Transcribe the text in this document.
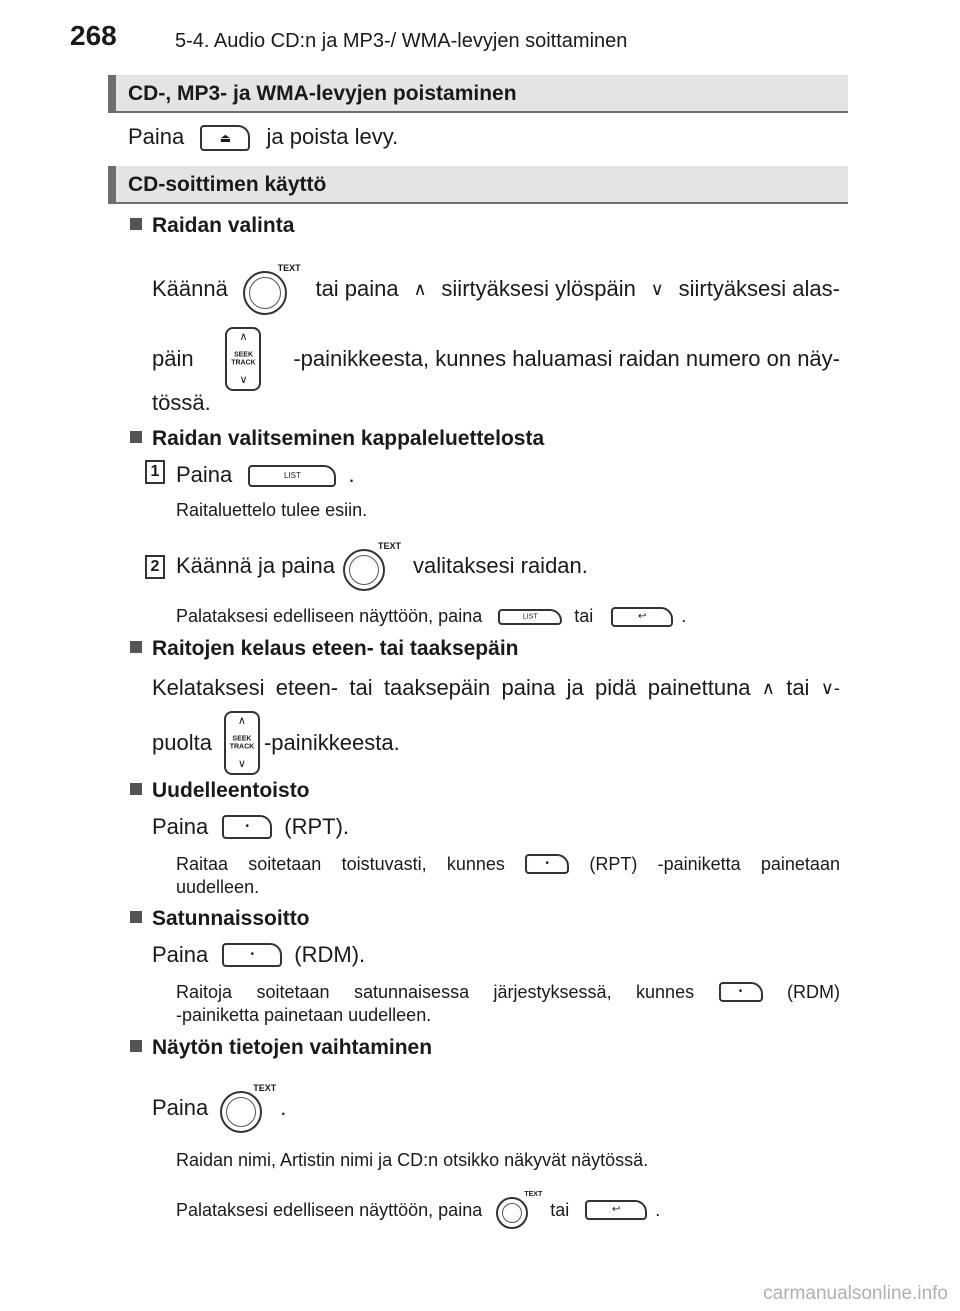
268	5-4. Audio CD:n ja MP3-/ WMA-levyjen soittaminen
CD-, MP3- ja WMA-levyjen poistaminen
Paina	⏏	ja poista levy.
CD-soittimen käyttö
Raidan valinta
Käännä
TEXT
tai paina ∧ siirtyäksesi ylöspäin ∨ siirtyäksesi alas-
päin
∧
SEEK
TRACK
∨
-painikkeesta, kunnes haluamasi raidan numero on näy-
tössä.
Raidan valitseminen kappaleluettelosta
1 Paina	LIST	.
Raitaluettelo tulee esiin.
2 Käännä ja paina
TEXT
valitaksesi raidan.
Palataksesi edelliseen näyttöön, paina	LIST	tai	↩	.
Raitojen kelaus eteen- tai taaksepäin
Kelataksesi eteen- tai taaksepäin paina ja pidä painettuna ∧ tai ∨-
puolta
∧
SEEK
TRACK
∨
-painikkeesta.
Uudelleentoisto
Paina	•	(RPT).
Raitaa soitetaan toistuvasti, kunnes	•	(RPT) -painiketta painetaan
uudelleen.
Satunnaissoitto
Paina	•	(RDM).
Raitoja soitetaan satunnaisessa järjestyksessä, kunnes	•	(RDM)
-painiketta painetaan uudelleen.
Näytön tietojen vaihtaminen
Paina
TEXT
.
Raidan nimi, Artistin nimi ja CD:n otsikko näkyvät näytössä.
Palataksesi edelliseen näyttöön, paina
TEXT
tai	↩	.
carmanualsonline.info
